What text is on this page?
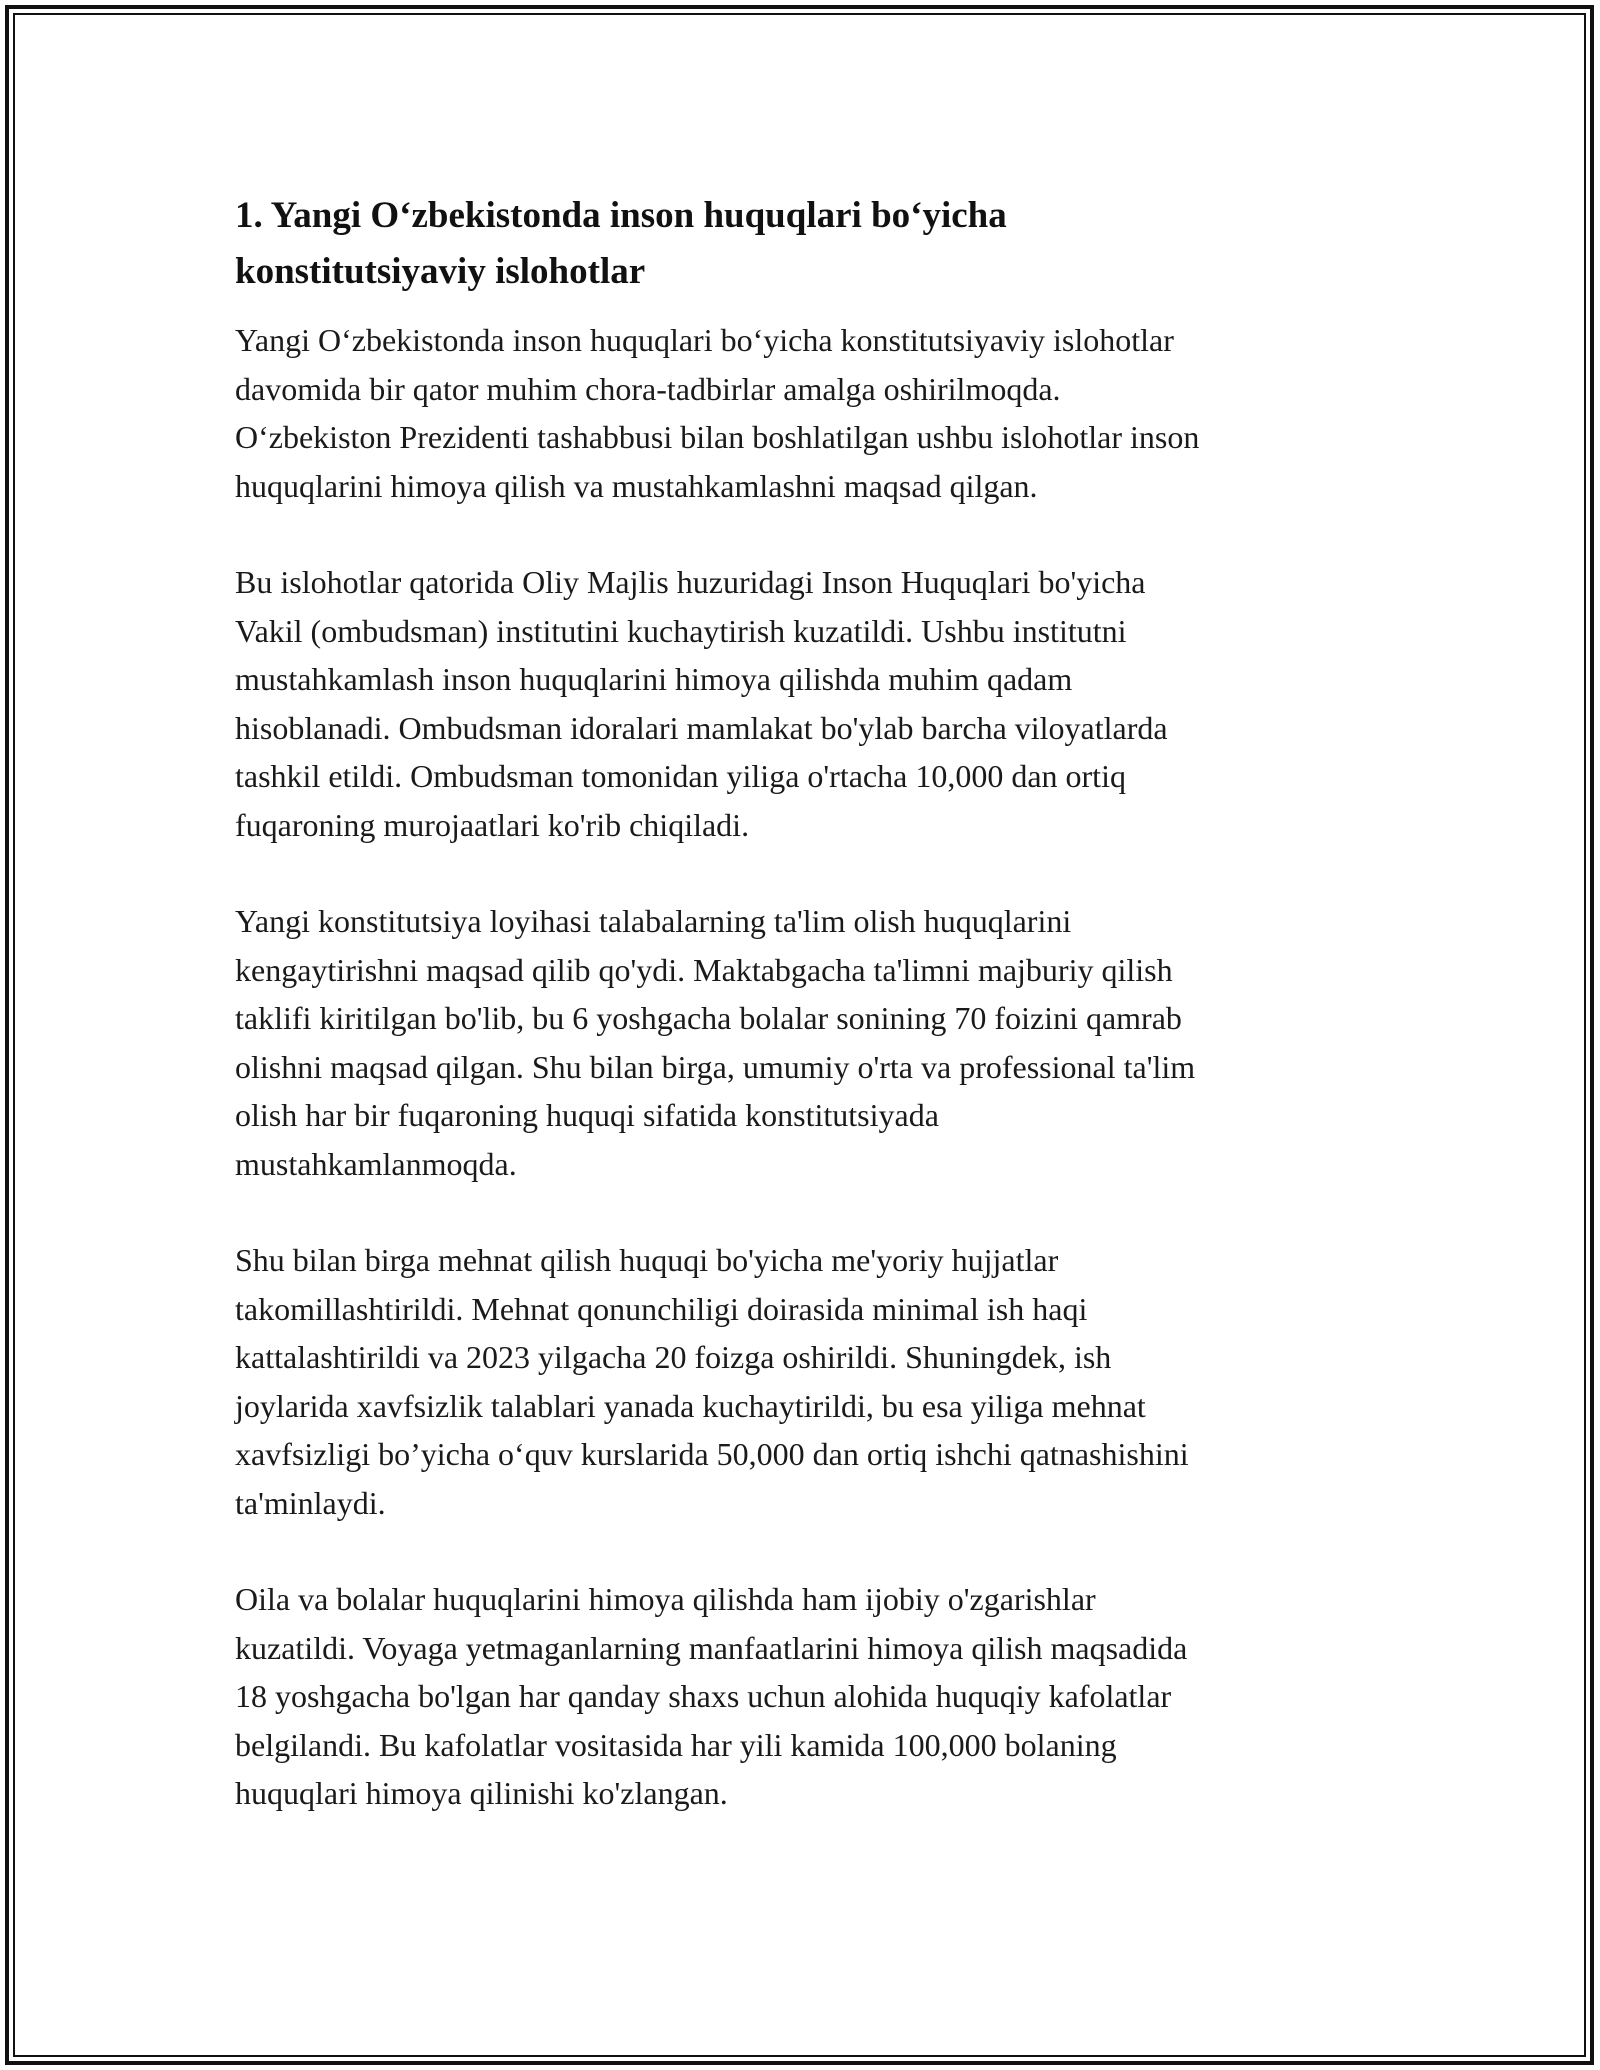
1. Yangi O‘zbekistonda inson huquqlari bo‘yicha
konstitutsiyaviy islohotlar

Yangi O‘zbekistonda inson huquqlari bo‘yicha konstitutsiyaviy islohotlar
davomida bir qator muhim chora-tadbirlar amalga oshirilmoqda.
O‘zbekiston Prezidenti tashabbusi bilan boshlatilgan ushbu islohotlar inson
huquqlarini himoya qilish va mustahkamlashni maqsad qilgan.

Bu islohotlar qatorida Oliy Majlis huzuridagi Inson Huquqlari bo'yicha
Vakil (ombudsman) institutini kuchaytirish kuzatildi. Ushbu institutni
mustahkamlash inson huquqlarini himoya qilishda muhim qadam
hisoblanadi. Ombudsman idoralari mamlakat bo'ylab barcha viloyatlarda
tashkil etildi. Ombudsman tomonidan yiliga o'rtacha 10,000 dan ortiq
fuqaroning murojaatlari ko'rib chiqiladi.

Yangi konstitutsiya loyihasi talabalarning ta'lim olish huquqlarini
kengaytirishni maqsad qilib qo'ydi. Maktabgacha ta'limni majburiy qilish
taklifi kiritilgan bo'lib, bu 6 yoshgacha bolalar sonining 70 foizini qamrab
olishni maqsad qilgan. Shu bilan birga, umumiy o'rta va professional ta'lim
olish har bir fuqaroning huquqi sifatida konstitutsiyada
mustahkamlanmoqda.

Shu bilan birga mehnat qilish huquqi bo'yicha me'yoriy hujjatlar
takomillashtirildi. Mehnat qonunchiligi doirasida minimal ish haqi
kattalashtirildi va 2023 yilgacha 20 foizga oshirildi. Shuningdek, ish
joylarida xavfsizlik talablari yanada kuchaytirildi, bu esa yiliga mehnat
xavfsizligi bo’yicha o‘quv kurslarida 50,000 dan ortiq ishchi qatnashishini
ta'minlaydi.

Oila va bolalar huquqlarini himoya qilishda ham ijobiy o'zgarishlar
kuzatildi. Voyaga yetmaganlarning manfaatlarini himoya qilish maqsadida
18 yoshgacha bo'lgan har qanday shaxs uchun alohida huquqiy kafolatlar
belgilandi. Bu kafolatlar vositasida har yili kamida 100,000 bolaning
huquqlari himoya qilinishi ko'zlangan.
